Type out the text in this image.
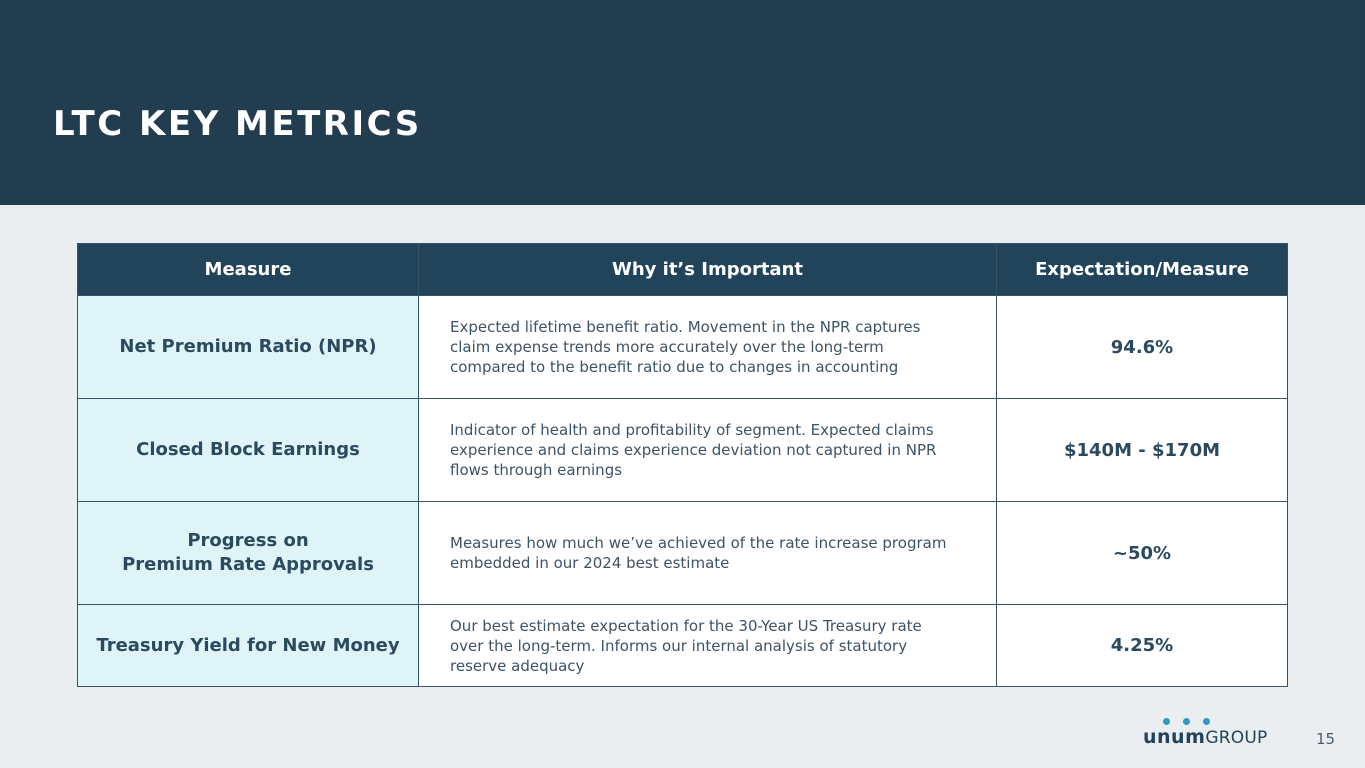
LTC KEY METRICS
Measure	Why it’s Important	Expectation/Measure

Net Premium Ratio (NPR)	Expected lifetime benefit ratio. Movement in the NPR captures
claim expense trends more accurately over the long-term
compared to the benefit ratio due to changes in accounting	94.6%

Closed Block Earnings	Indicator of health and profitability of segment. Expected claims
experience and claims experience deviation not captured in NPR
flows through earnings	$140M - $170M

Progress on
Premium Rate Approvals	Measures how much we’ve achieved of the rate increase program
embedded in our 2024 best estimate	~50%

Treasury Yield for New Money	Our best estimate expectation for the 30-Year US Treasury rate
over the long-term. Informs our internal analysis of statutory
reserve adequacy	4.25%
unumGROUP	15
